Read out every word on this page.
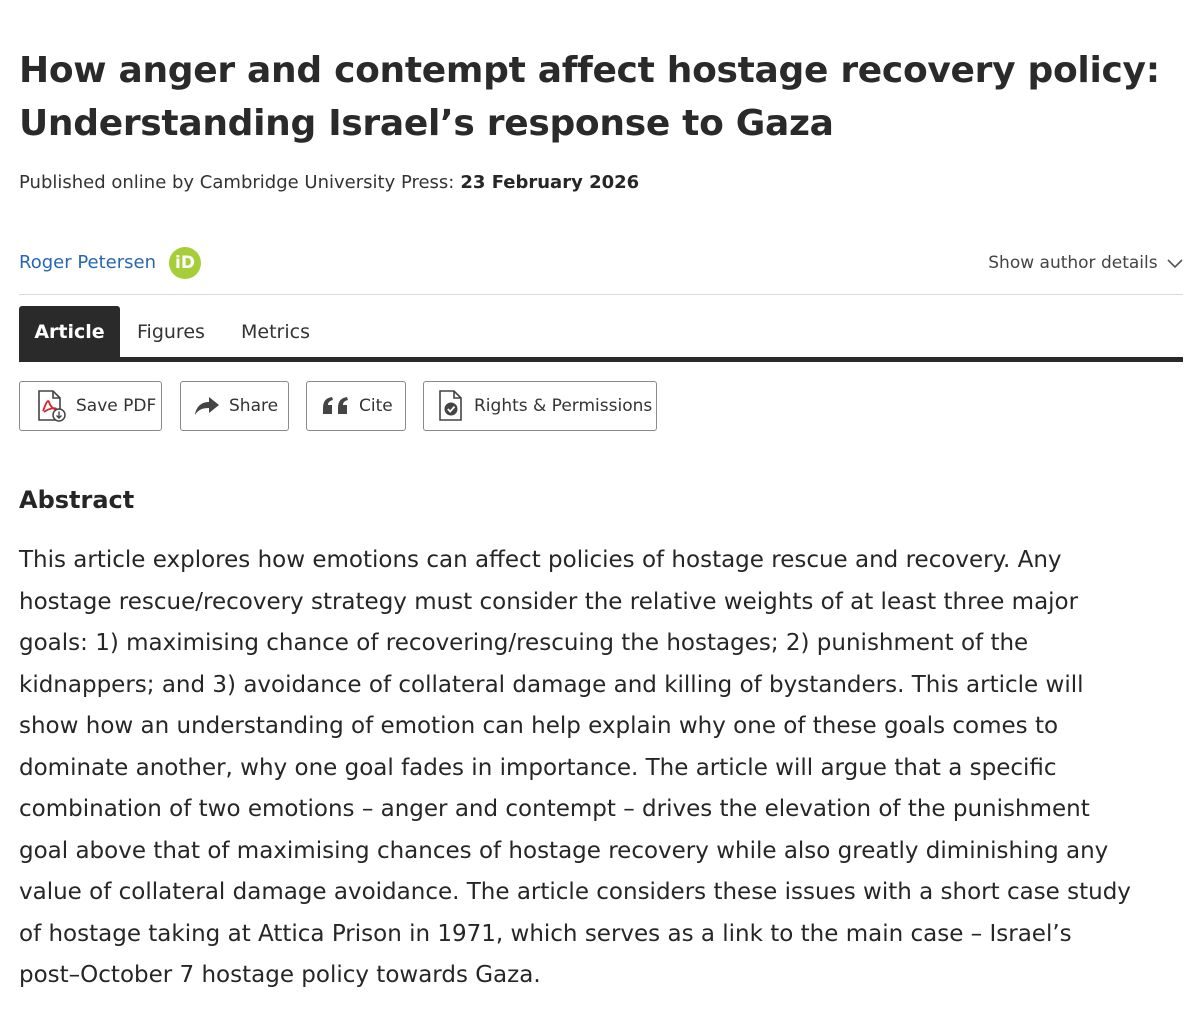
How anger and contempt affect hostage recovery policy:
Understanding Israel’s response to Gaza
Published online by Cambridge University Press: 23 February 2026
Roger Petersen	iD	Show author details
Article	Figures Metrics
Save PDF	Share	Cite	Rights & Permissions
Abstract
This article explores how emotions can affect policies of hostage rescue and recovery. Any
hostage rescue/recovery strategy must consider the relative weights of at least three major
goals: 1) maximising chance of recovering/rescuing the hostages; 2) punishment of the
kidnappers; and 3) avoidance of collateral damage and killing of bystanders. This article will
show how an understanding of emotion can help explain why one of these goals comes to
dominate another, why one goal fades in importance. The article will argue that a specific
combination of two emotions – anger and contempt – drives the elevation of the punishment
goal above that of maximising chances of hostage recovery while also greatly diminishing any
value of collateral damage avoidance. The article considers these issues with a short case study
of hostage taking at Attica Prison in 1971, which serves as a link to the main case – Israel’s
post–October 7 hostage policy towards Gaza.
